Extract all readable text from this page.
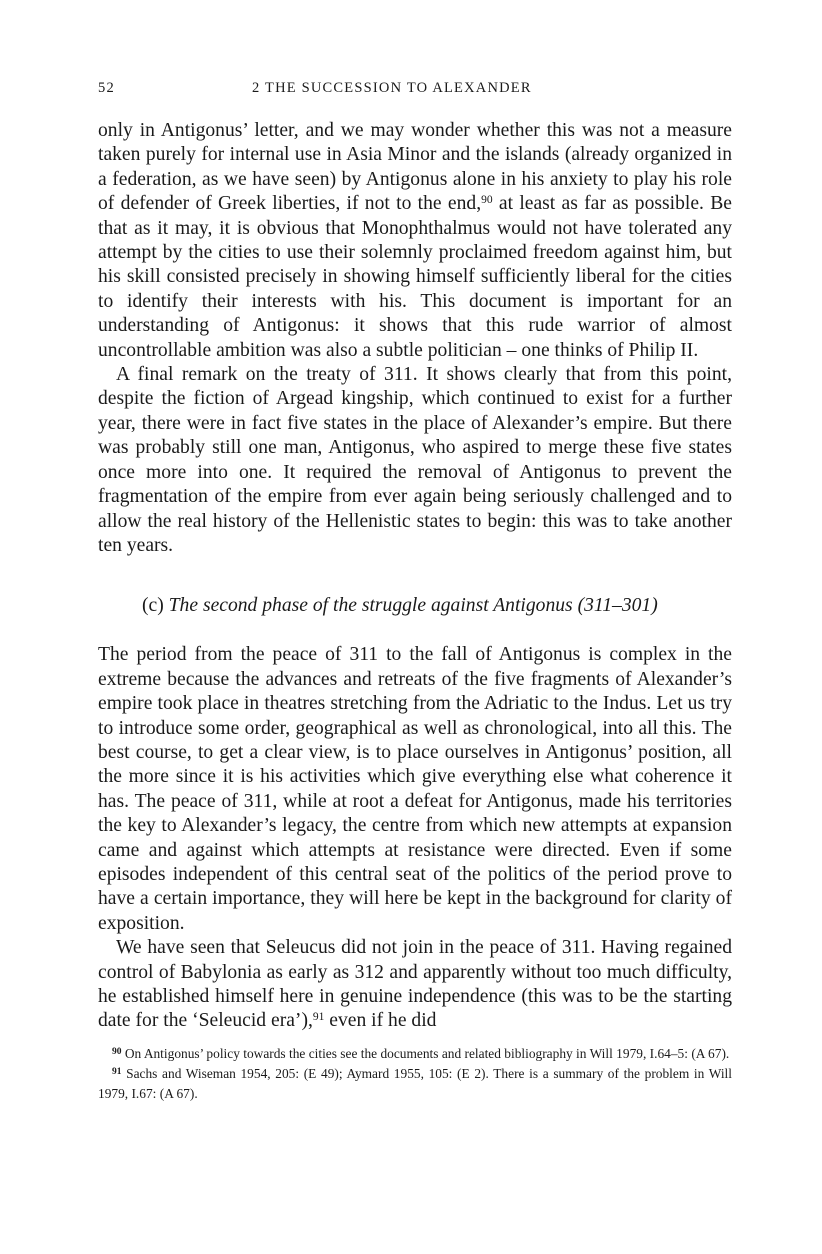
52	2 THE SUCCESSION TO ALEXANDER

only in Antigonus’ letter, and we may wonder whether this was not a measure taken purely for internal use in Asia Minor and the islands (already organized in a federation, as we have seen) by Antigonus alone in his anxiety to play his role of defender of Greek liberties, if not to the end,$^{90}$ at least as far as possible. Be that as it may, it is obvious that Monophthalmus would not have tolerated any attempt by the cities to use their solemnly proclaimed freedom against him, but his skill consisted precisely in showing himself sufficiently liberal for the cities to identify their interests with his. This document is important for an understanding of Antigonus: it shows that this rude warrior of almost uncontrollable ambition was also a subtle politician – one thinks of Philip II.

A final remark on the treaty of 311. It shows clearly that from this point, despite the fiction of Argead kingship, which continued to exist for a further year, there were in fact five states in the place of Alexander’s empire. But there was probably still one man, Antigonus, who aspired to merge these five states once more into one. It required the removal of Antigonus to prevent the fragmentation of the empire from ever again being seriously challenged and to allow the real history of the Hellenistic states to begin: this was to take another ten years.

(c) The second phase of the struggle against Antigonus (311–301)

The period from the peace of 311 to the fall of Antigonus is complex in the extreme because the advances and retreats of the five fragments of Alexander’s empire took place in theatres stretching from the Adriatic to the Indus. Let us try to introduce some order, geographical as well as chronological, into all this. The best course, to get a clear view, is to place ourselves in Antigonus’ position, all the more since it is his activities which give everything else what coherence it has. The peace of 311, while at root a defeat for Antigonus, made his territories the key to Alexander’s legacy, the centre from which new attempts at expansion came and against which attempts at resistance were directed. Even if some episodes independent of this central seat of the politics of the period prove to have a certain importance, they will here be kept in the background for clarity of exposition.

We have seen that Seleucus did not join in the peace of 311. Having regained control of Babylonia as early as 312 and apparently without too much difficulty, he established himself here in genuine independence (this was to be the starting date for the ‘Seleucid era’),$^{91}$ even if he did

$^{90}$ On Antigonus’ policy towards the cities see the documents and related bibliography in Will 1979, I.64–5: (A 67).

$^{91}$ Sachs and Wiseman 1954, 205: (E 49); Aymard 1955, 105: (E 2). There is a summary of the problem in Will 1979, I.67: (A 67).
